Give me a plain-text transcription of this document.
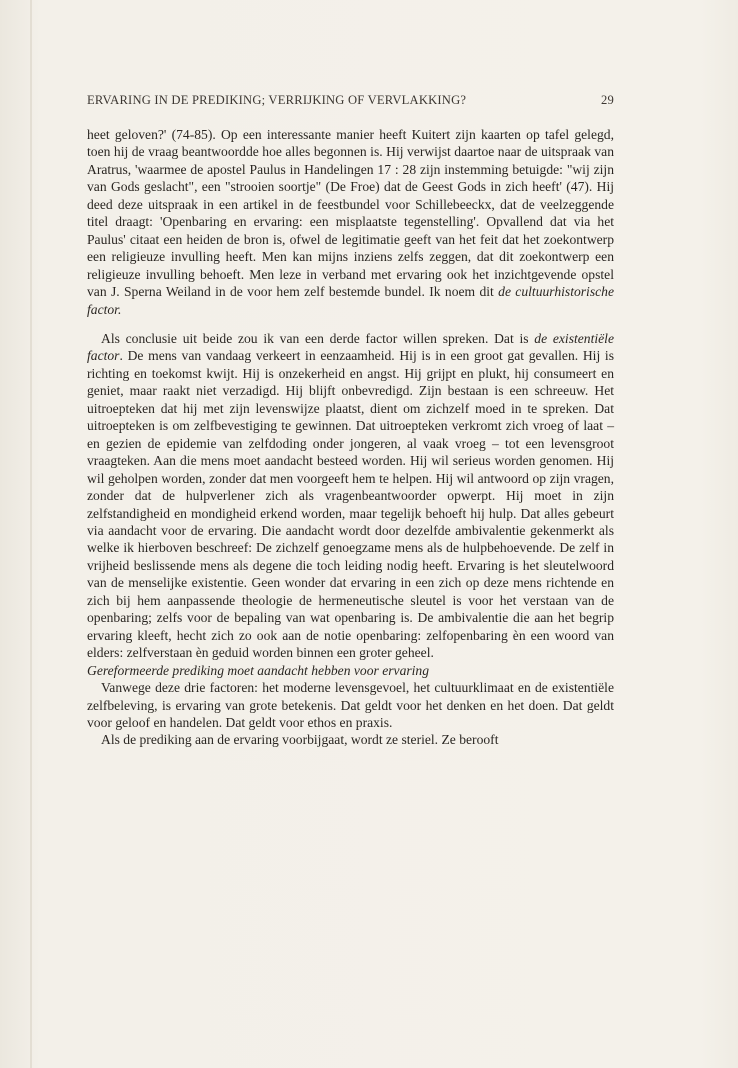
ERVARING IN DE PREDIKING; VERRIJKING OF VERVLAKKING?	29

heet geloven?' (74-85). Op een interessante manier heeft Kuitert zijn kaarten op tafel gelegd, toen hij de vraag beantwoordde hoe alles begonnen is. Hij verwijst daartoe naar de uitspraak van Aratrus, 'waarmee de apostel Paulus in Handelingen 17 : 28 zijn instemming betuigde: "wij zijn van Gods geslacht", een "strooien soortje" (De Froe) dat de Geest Gods in zich heeft' (47). Hij deed deze uitspraak in een artikel in de feestbundel voor Schillebeeckx, dat de veelzeggende titel draagt: 'Openbaring en ervaring: een misplaatste tegenstelling'. Opvallend dat via het Paulus' citaat een heiden de bron is, ofwel de legitimatie geeft van het feit dat het zoekontwerp een religieuze invulling heeft. Men kan mijns inziens zelfs zeggen, dat dit zoekontwerp een religieuze invulling behoeft. Men leze in verband met ervaring ook het inzichtgevende opstel van J. Sperna Weiland in de voor hem zelf bestemde bundel. Ik noem dit de cultuurhistorische factor.

Als conclusie uit beide zou ik van een derde factor willen spreken. Dat is de existentiële factor. De mens van vandaag verkeert in eenzaamheid. Hij is in een groot gat gevallen. Hij is richting en toekomst kwijt. Hij is onzekerheid en angst. Hij grijpt en plukt, hij consumeert en geniet, maar raakt niet verzadigd. Hij blijft onbevredigd. Zijn bestaan is een schreeuw. Het uitroepteken dat hij met zijn levenswijze plaatst, dient om zichzelf moed in te spreken. Dat uitroepteken is om zelfbevestiging te gewinnen. Dat uitroepteken verkromt zich vroeg of laat – en gezien de epidemie van zelfdoding onder jongeren, al vaak vroeg – tot een levensgroot vraagteken. Aan die mens moet aandacht besteed worden. Hij wil serieus worden genomen. Hij wil geholpen worden, zonder dat men voorgeeft hem te helpen. Hij wil antwoord op zijn vragen, zonder dat de hulpverlener zich als vragenbeantwoorder opwerpt. Hij moet in zijn zelfstandigheid en mondigheid erkend worden, maar tegelijk behoeft hij hulp. Dat alles gebeurt via aandacht voor de ervaring. Die aandacht wordt door dezelfde ambivalentie gekenmerkt als welke ik hierboven beschreef: De zichzelf genoegzame mens als de hulpbehoevende. De zelf in vrijheid beslissende mens als degene die toch leiding nodig heeft. Ervaring is het sleutelwoord van de menselijke existentie. Geen wonder dat ervaring in een zich op deze mens richtende en zich bij hem aanpassende theologie de hermeneutische sleutel is voor het verstaan van de openbaring; zelfs voor de bepaling van wat openbaring is. De ambivalentie die aan het begrip ervaring kleeft, hecht zich zo ook aan de notie openbaring: zelfopenbaring èn een woord van elders: zelfverstaan èn geduid worden binnen een groter geheel.

Gereformeerde prediking moet aandacht hebben voor ervaring

Vanwege deze drie factoren: het moderne levensgevoel, het cultuurklimaat en de existentiële zelfbeleving, is ervaring van grote betekenis. Dat geldt voor het denken en het doen. Dat geldt voor geloof en handelen. Dat geldt voor ethos en praxis.

Als de prediking aan de ervaring voorbijgaat, wordt ze steriel. Ze berooft
